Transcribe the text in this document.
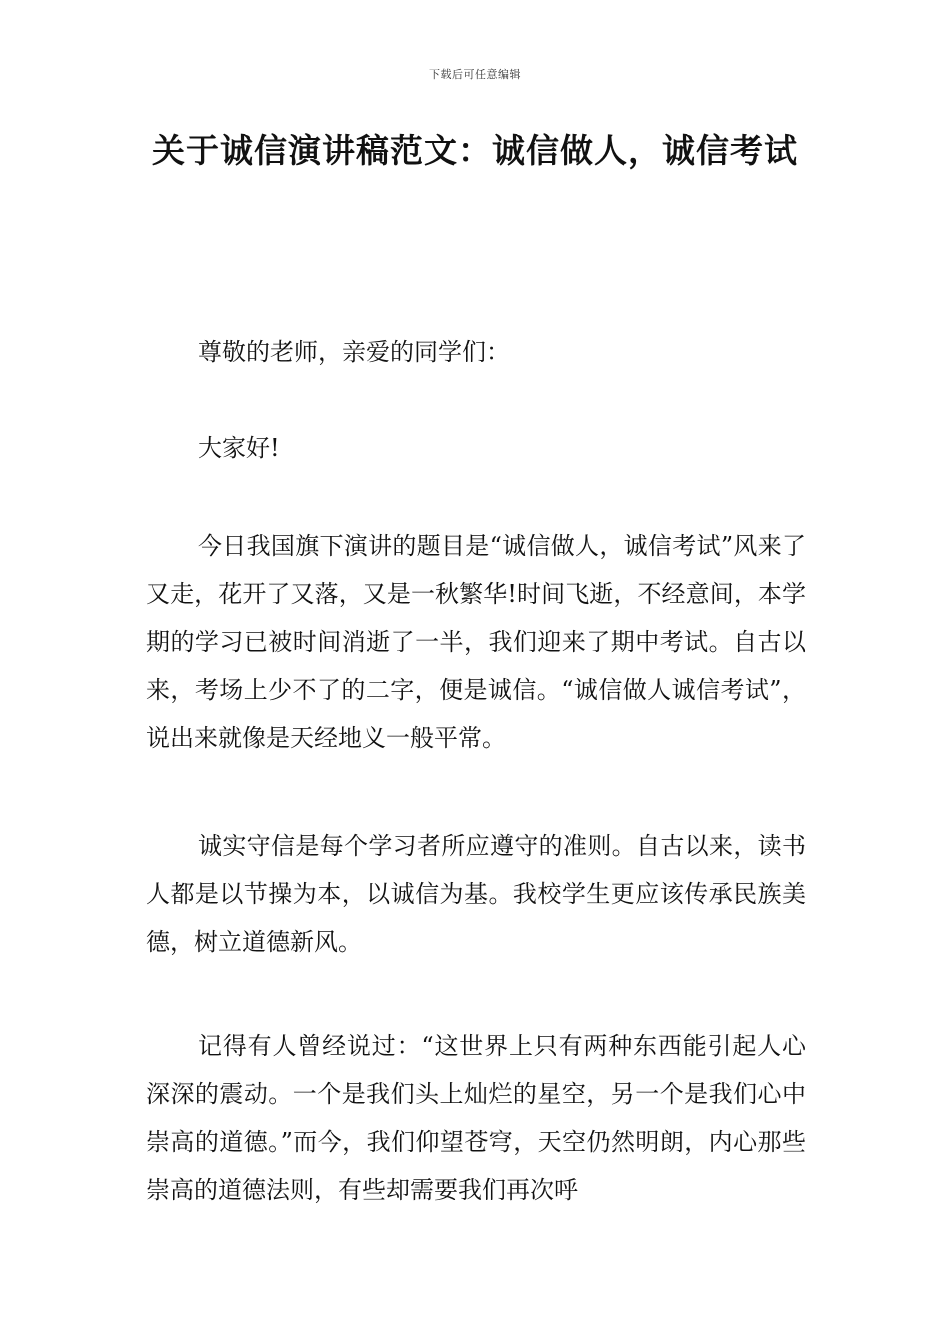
下载后可任意编辑
关于诚信演讲稿范文：诚信做人，诚信考试

尊敬的老师，亲爱的同学们：

大家好!

今日我国旗下演讲的题目是“诚信做人，诚信考试”风来了又走，花开了又落，又是一秋繁华!时间飞逝，不经意间，本学期的学习已被时间消逝了一半，我们迎来了期中考试。自古以来，考场上少不了的二字，便是诚信。“诚信做人诚信考试”，说出来就像是天经地义一般平常。

诚实守信是每个学习者所应遵守的准则。自古以来，读书人都是以节操为本，以诚信为基。我校学生更应该传承民族美德，树立道德新风。

记得有人曾经说过：“这世界上只有两种东西能引起人心深深的震动。一个是我们头上灿烂的星空，另一个是我们心中崇高的道德。”而今，我们仰望苍穹，天空仍然明朗，内心那些崇高的道德法则，有些却需要我们再次呼
